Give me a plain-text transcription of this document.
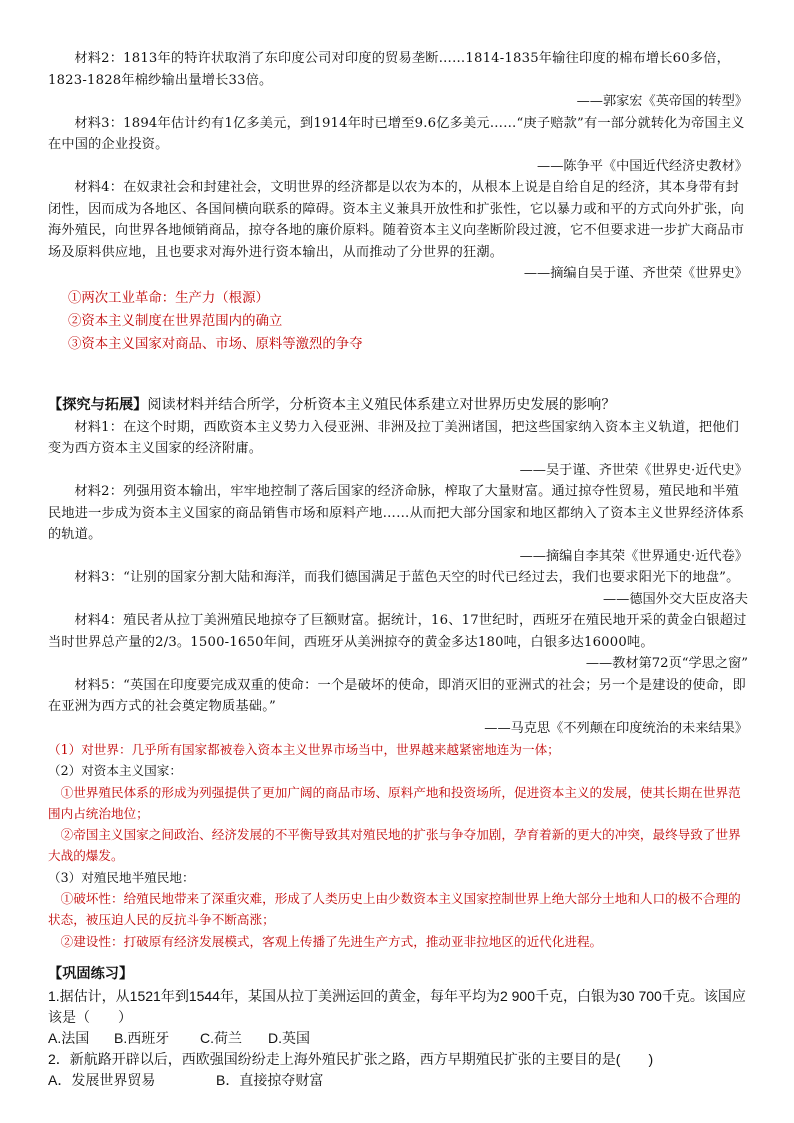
材料2：1813年的特许状取消了东印度公司对印度的贸易垄断……1814-1835年输往印度的棉布增长60多倍，1823-1828年棉纱输出量增长33倍。

——郭家宏《英帝国的转型》

材料3：1894年估计约有1亿多美元，到1914年时已增至9.6亿多美元……“庚子赔款”有一部分就转化为帝国主义在中国的企业投资。

——陈争平《中国近代经济史教材》

材料4：在奴隶社会和封建社会，文明世界的经济都是以农为本的，从根本上说是自给自足的经济，其本身带有封闭性，因而成为各地区、各国间横向联系的障碍。资本主义兼具开放性和扩张性，它以暴力或和平的方式向外扩张，向海外殖民，向世界各地倾销商品，掠夺各地的廉价原料。随着资本主义向垄断阶段过渡，它不但要求进一步扩大商品市场及原料供应地，且也要求对海外进行资本输出，从而推动了分世界的狂潮。

——摘编自吴于谨、齐世荣《世界史》

①两次工业革命：生产力（根源）

②资本主义制度在世界范围内的确立

③资本主义国家对商品、市场、原料等激烈的争夺

【探究与拓展】阅读材料并结合所学，分析资本主义殖民体系建立对世界历史发展的影响？

材料1：在这个时期，西欧资本主义势力入侵亚洲、非洲及拉丁美洲诸国，把这些国家纳入资本主义轨道，把他们变为西方资本主义国家的经济附庸。

——吴于谨、齐世荣《世界史·近代史》

材料2：列强用资本输出，牢牢地控制了落后国家的经济命脉，榨取了大量财富。通过掠夺性贸易，殖民地和半殖民地进一步成为资本主义国家的商品销售市场和原料产地……从而把大部分国家和地区都纳入了资本主义世界经济体系的轨道。

——摘编自李其荣《世界通史·近代卷》

材料3：“让别的国家分割大陆和海洋，而我们德国满足于蓝色天空的时代已经过去，我们也要求阳光下的地盘”。

——德国外交大臣皮洛夫

材料4：殖民者从拉丁美洲殖民地掠夺了巨额财富。据统计，16、17世纪时，西班牙在殖民地开采的黄金白银超过当时世界总产量的2/3。1500-1650年间，西班牙从美洲掠夺的黄金多达180吨，白银多达16000吨。

——教材第72页“学思之窗”

材料5：“英国在印度要完成双重的使命：一个是破坏的使命，即消灭旧的亚洲式的社会；另一个是建设的使命，即在亚洲为西方式的社会奠定物质基础。”

——马克思《不列颠在印度统治的未来结果》

（1）对世界：几乎所有国家都被卷入资本主义世界市场当中，世界越来越紧密地连为一体；

（2）对资本主义国家：

①世界殖民体系的形成为列强提供了更加广阔的商品市场、原料产地和投资场所，促进资本主义的发展，使其长期在世界范围内占统治地位；

②帝国主义国家之间政治、经济发展的不平衡导致其对殖民地的扩张与争夺加剧，孕育着新的更大的冲突，最终导致了世界大战的爆发。

（3）对殖民地半殖民地：

①破坏性：给殖民地带来了深重灾难，形成了人类历史上由少数资本主义国家控制世界上绝大部分土地和人口的极不合理的状态，被压迫人民的反抗斗争不断高涨；

②建设性：打破原有经济发展模式，客观上传播了先进生产方式，推动亚非拉地区的近代化进程。

【巩固练习】

1.据估计，从1521年到1544年，某国从拉丁美洲运回的黄金，每年平均为2 900千克，白银为30 700千克。该国应该是（　　）

A.法国 B.西班牙 C.荷兰 D.英国

2．新航路开辟以后，西欧强国纷纷走上海外殖民扩张之路，西方早期殖民扩张的主要目的是(　　)

A．发展世界贸易	B．直接掠夺财富
